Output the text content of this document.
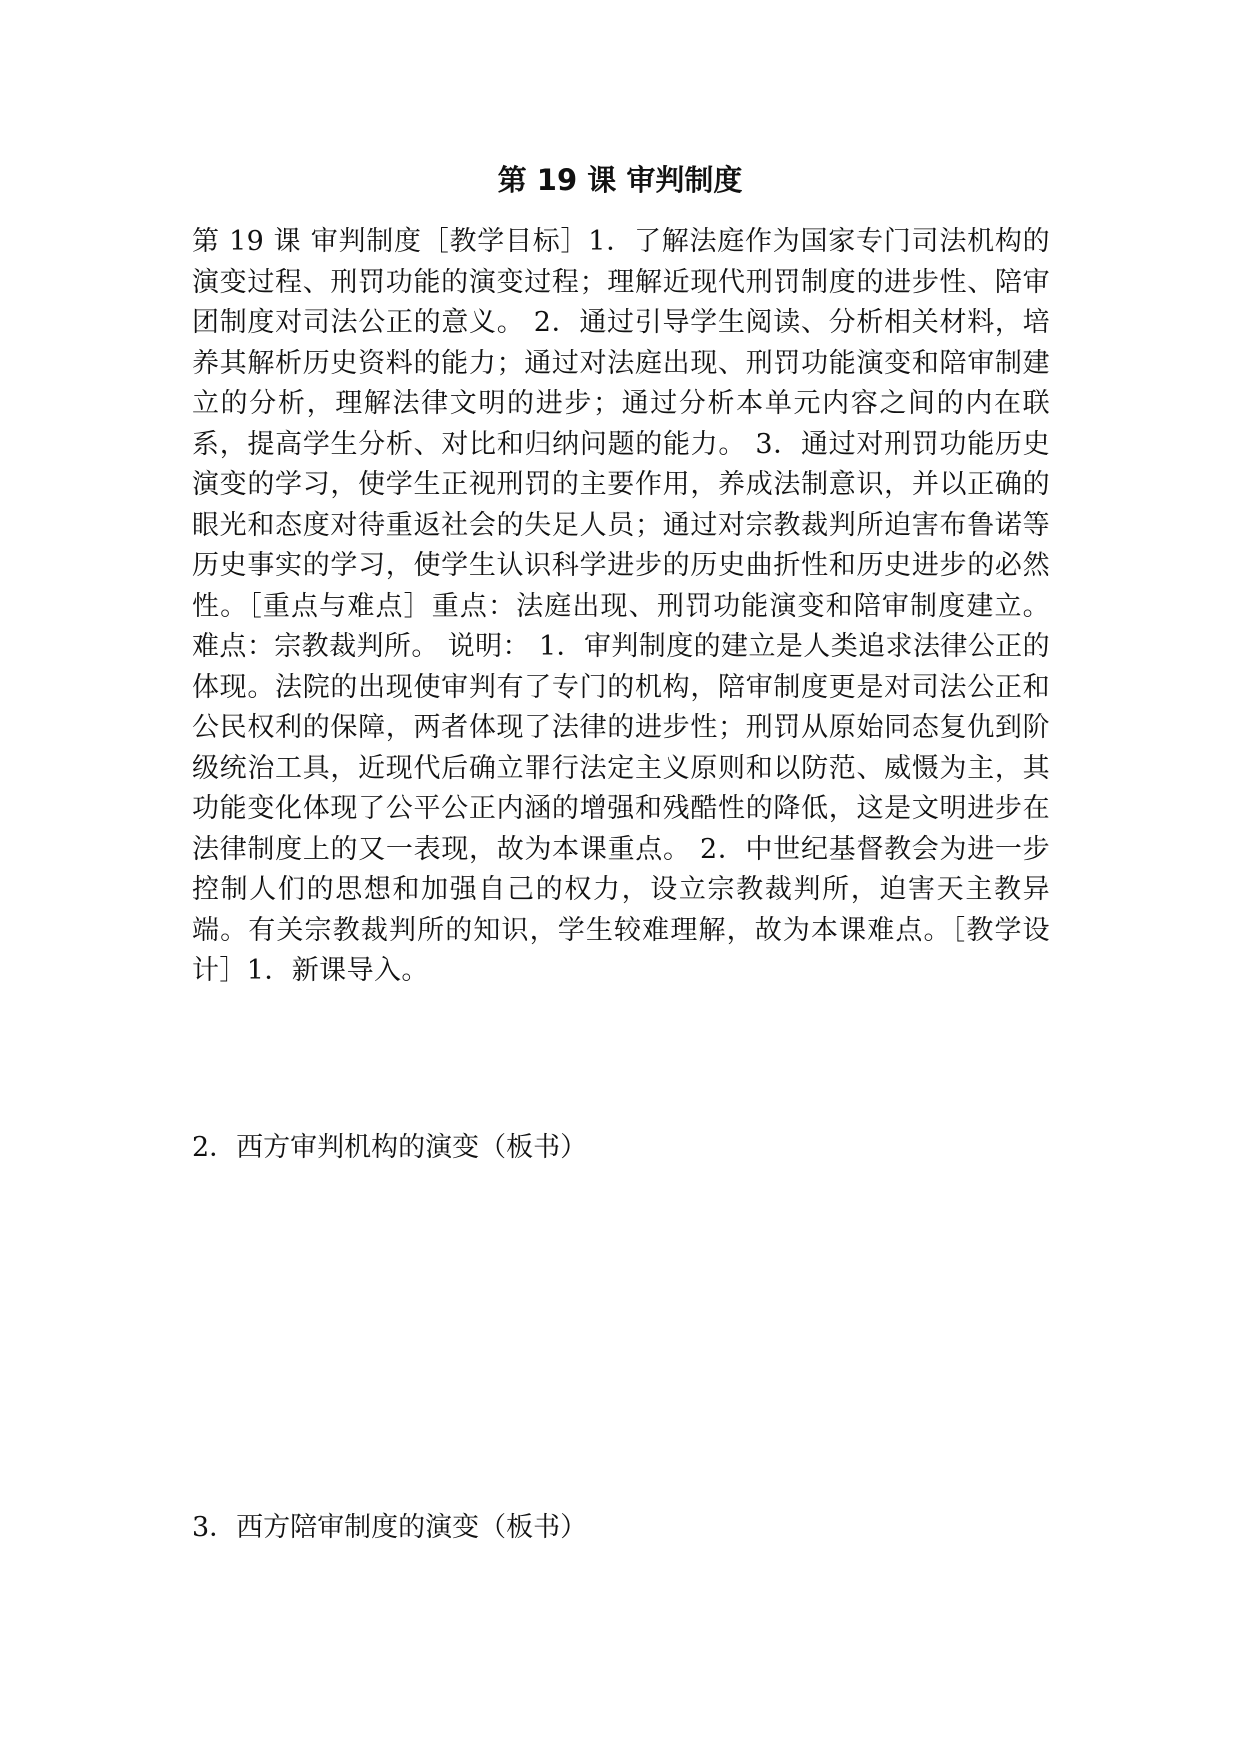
第 19 课 审判制度

第 19 课 审判制度［教学目标］1．了解法庭作为国家专门司法机构的演变过程、刑罚功能的演变过程；理解近现代刑罚制度的进步性、陪审团制度对司法公正的意义。 2．通过引导学生阅读、分析相关材料，培养其解析历史资料的能力；通过对法庭出现、刑罚功能演变和陪审制建立的分析，理解法律文明的进步；通过分析本单元内容之间的内在联系，提高学生分析、对比和归纳问题的能力。 3．通过对刑罚功能历史演变的学习，使学生正视刑罚的主要作用，养成法制意识，并以正确的眼光和态度对待重返社会的失足人员；通过对宗教裁判所迫害布鲁诺等历史事实的学习，使学生认识科学进步的历史曲折性和历史进步的必然性。［重点与难点］重点：法庭出现、刑罚功能演变和陪审制度建立。 难点：宗教裁判所。 说明： 1．审判制度的建立是人类追求法律公正的体现。法院的出现使审判有了专门的机构，陪审制度更是对司法公正和公民权利的保障，两者体现了法律的进步性；刑罚从原始同态复仇到阶级统治工具，近现代后确立罪行法定主义原则和以防范、威慑为主，其功能变化体现了公平公正内涵的增强和残酷性的降低，这是文明进步在法律制度上的又一表现，故为本课重点。 2．中世纪基督教会为进一步控制人们的思想和加强自己的权力，设立宗教裁判所，迫害天主教异端。有关宗教裁判所的知识，学生较难理解，故为本课难点。［教学设计］1．新课导入。

2．西方审判机构的演变（板书）

3．西方陪审制度的演变（板书）
